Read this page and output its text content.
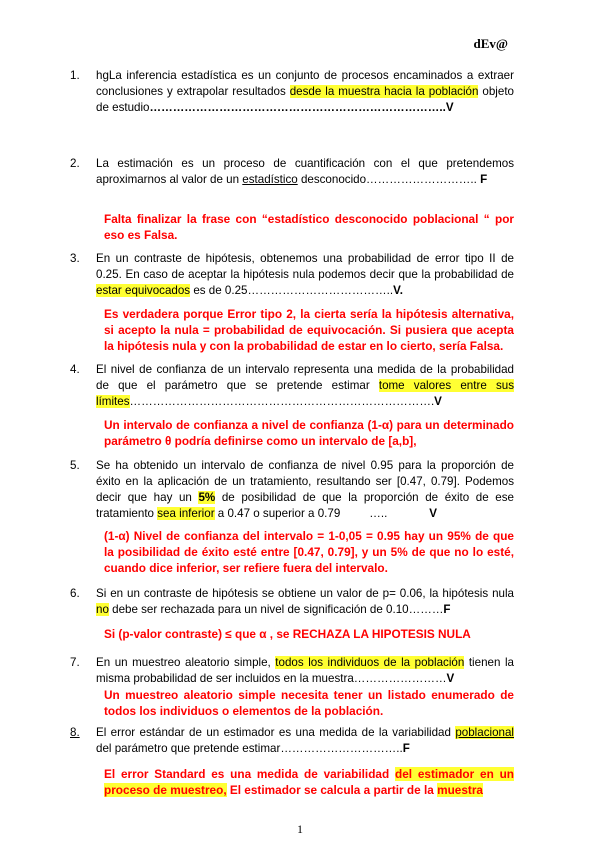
dEv@
1. hgLa inferencia estadística es un conjunto de procesos encaminados a extraer conclusiones y extrapolar resultados desde la muestra hacia la población objeto de estudio…………………………………………………………………..V
2. La estimación es un proceso de cuantificación con el que pretendemos aproximarnos al valor de un estadístico desconocido……………………….. F
Falta finalizar la frase con “estadístico desconocido poblacional “ por eso es Falsa.
3. En un contraste de hipótesis, obtenemos una probabilidad de error tipo II de 0.25. En caso de aceptar la hipótesis nula podemos decir que la probabilidad de estar equivocados es de 0.25………………………………..V.
Es verdadera porque Error tipo 2, la cierta sería la hipótesis alternativa, si acepto la nula = probabilidad de equivocación. Si pusiera que acepta la hipótesis nula y con la probabilidad de estar en lo cierto, sería Falsa.
4. El nivel de confianza de un intervalo representa una medida de la probabilidad de que el parámetro que se pretende estimar tome valores entre sus límites…………………………………………………………………….V
Un intervalo de confianza a nivel de confianza (1-α) para un determinado parámetro θ podría definirse como un intervalo de [a,b],
5. Se ha obtenido un intervalo de confianza de nivel 0.95 para la proporción de éxito en la aplicación de un tratamiento, resultando ser [0.47, 0.79]. Podemos decir que hay un 5% de posibilidad de que la proporción de éxito de ese tratamiento sea inferior a 0.47 o superior a 0.79	…..	V
(1-α) Nivel de confianza del intervalo = 1-0,05 = 0.95 hay un 95% de que la posibilidad de éxito esté entre [0.47, 0.79], y un 5% de que no lo esté, cuando dice inferior, ser refiere fuera del intervalo.
6. Si en un contraste de hipótesis se obtiene un valor de p= 0.06, la hipótesis nula no debe ser rechazada para un nivel de significación de 0.10………F
Si (p-valor contraste) ≤ que α , se RECHAZA LA HIPOTESIS NULA
7. En un muestreo aleatorio simple, todos los individuos de la población tienen la misma probabilidad de ser incluidos en la muestra……………………V
Un muestreo aleatorio simple necesita tener un listado enumerado de todos los individuos o elementos de la población.
8. El error estándar de un estimador es una medida de la variabilidad poblacional del parámetro que pretende estimar…………………………..F
El error Standard es una medida de variabilidad del estimador en un proceso de muestreo, El estimador se calcula a partir de la muestra
1
